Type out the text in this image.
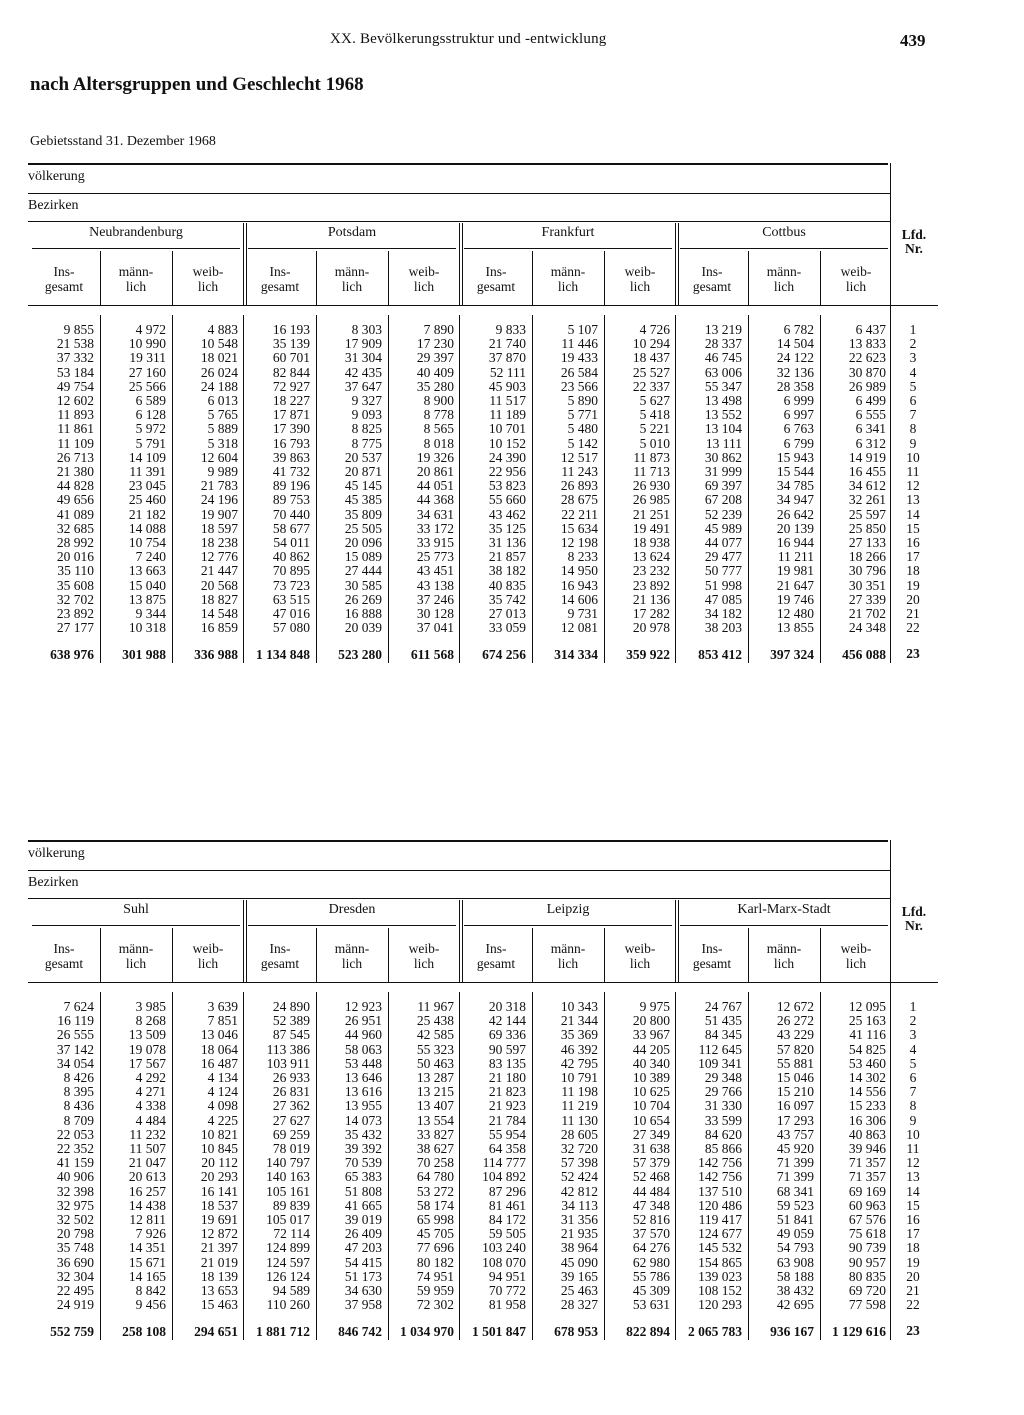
XX. Bevölkerungsstruktur und -entwicklung	439
nach Altersgruppen und Geschlecht 1968
Gebietsstand 31. Dezember 1968
völkerung
Bezirken
Lfd.
Nr.
Neubrandenburg
Ins-
gesamt
9 855
21 538
37 332
53 184
49 754
12 602
11 893
11 861
11 109
26 713
21 380
44 828
49 656
41 089
32 685
28 992
20 016
35 110
35 608
32 702
23 892
27 177
638 976
männ-
lich
4 972
10 990
19 311
27 160
25 566
6 589
6 128
5 972
5 791
14 109
11 391
23 045
25 460
21 182
14 088
10 754
7 240
13 663
15 040
13 875
9 344
10 318
301 988
weib-
lich
4 883
10 548
18 021
26 024
24 188
6 013
5 765
5 889
5 318
12 604
9 989
21 783
24 196
19 907
18 597
18 238
12 776
21 447
20 568
18 827
14 548
16 859
336 988
Potsdam
Ins-
gesamt
16 193
35 139
60 701
82 844
72 927
18 227
17 871
17 390
16 793
39 863
41 732
89 196
89 753
70 440
58 677
54 011
40 862
70 895
73 723
63 515
47 016
57 080
1 134 848
männ-
lich
8 303
17 909
31 304
42 435
37 647
9 327
9 093
8 825
8 775
20 537
20 871
45 145
45 385
35 809
25 505
20 096
15 089
27 444
30 585
26 269
16 888
20 039
523 280
weib-
lich
7 890
17 230
29 397
40 409
35 280
8 900
8 778
8 565
8 018
19 326
20 861
44 051
44 368
34 631
33 172
33 915
25 773
43 451
43 138
37 246
30 128
37 041
611 568
Frankfurt
Ins-
gesamt
9 833
21 740
37 870
52 111
45 903
11 517
11 189
10 701
10 152
24 390
22 956
53 823
55 660
43 462
35 125
31 136
21 857
38 182
40 835
35 742
27 013
33 059
674 256
männ-
lich
5 107
11 446
19 433
26 584
23 566
5 890
5 771
5 480
5 142
12 517
11 243
26 893
28 675
22 211
15 634
12 198
8 233
14 950
16 943
14 606
9 731
12 081
314 334
weib-
lich
4 726
10 294
18 437
25 527
22 337
5 627
5 418
5 221
5 010
11 873
11 713
26 930
26 985
21 251
19 491
18 938
13 624
23 232
23 892
21 136
17 282
20 978
359 922
Cottbus
Ins-
gesamt
13 219
28 337
46 745
63 006
55 347
13 498
13 552
13 104
13 111
30 862
31 999
69 397
67 208
52 239
45 989
44 077
29 477
50 777
51 998
47 085
34 182
38 203
853 412
männ-
lich
6 782
14 504
24 122
32 136
28 358
6 999
6 997
6 763
6 799
15 943
15 544
34 785
34 947
26 642
20 139
16 944
11 211
19 981
21 647
19 746
12 480
13 855
397 324
weib-
lich
6 437
13 833
22 623
30 870
26 989
6 499
6 555
6 341
6 312
14 919
16 455
34 612
32 261
25 597
25 850
27 133
18 266
30 796
30 351
27 339
21 702
24 348
456 088
1
2
3
4
5
6
7
8
9
10
11
12
13
14
15
16
17
18
19
20
21
22
23
völkerung
Bezirken
Lfd.
Nr.
Suhl
Ins-
gesamt
7 624
16 119
26 555
37 142
34 054
8 426
8 395
8 436
8 709
22 053
22 352
41 159
40 906
32 398
32 975
32 502
20 798
35 748
36 690
32 304
22 495
24 919
552 759
männ-
lich
3 985
8 268
13 509
19 078
17 567
4 292
4 271
4 338
4 484
11 232
11 507
21 047
20 613
16 257
14 438
12 811
7 926
14 351
15 671
14 165
8 842
9 456
258 108
weib-
lich
3 639
7 851
13 046
18 064
16 487
4 134
4 124
4 098
4 225
10 821
10 845
20 112
20 293
16 141
18 537
19 691
12 872
21 397
21 019
18 139
13 653
15 463
294 651
Dresden
Ins-
gesamt
24 890
52 389
87 545
113 386
103 911
26 933
26 831
27 362
27 627
69 259
78 019
140 797
140 163
105 161
89 839
105 017
72 114
124 899
124 597
126 124
94 589
110 260
1 881 712
männ-
lich
12 923
26 951
44 960
58 063
53 448
13 646
13 616
13 955
14 073
35 432
39 392
70 539
65 383
51 808
41 665
39 019
26 409
47 203
54 415
51 173
34 630
37 958
846 742
weib-
lich
11 967
25 438
42 585
55 323
50 463
13 287
13 215
13 407
13 554
33 827
38 627
70 258
64 780
53 272
58 174
65 998
45 705
77 696
80 182
74 951
59 959
72 302
1 034 970
Leipzig
Ins-
gesamt
20 318
42 144
69 336
90 597
83 135
21 180
21 823
21 923
21 784
55 954
64 358
114 777
104 892
87 296
81 461
84 172
59 505
103 240
108 070
94 951
70 772
81 958
1 501 847
männ-
lich
10 343
21 344
35 369
46 392
42 795
10 791
11 198
11 219
11 130
28 605
32 720
57 398
52 424
42 812
34 113
31 356
21 935
38 964
45 090
39 165
25 463
28 327
678 953
weib-
lich
9 975
20 800
33 967
44 205
40 340
10 389
10 625
10 704
10 654
27 349
31 638
57 379
52 468
44 484
47 348
52 816
37 570
64 276
62 980
55 786
45 309
53 631
822 894
Karl-Marx-Stadt
Ins-
gesamt
24 767
51 435
84 345
112 645
109 341
29 348
29 766
31 330
33 599
84 620
85 866
142 756
142 756
137 510
120 486
119 417
124 677
145 532
154 865
139 023
108 152
120 293
2 065 783
männ-
lich
12 672
26 272
43 229
57 820
55 881
15 046
15 210
16 097
17 293
43 757
45 920
71 399
71 399
68 341
59 523
51 841
49 059
54 793
63 908
58 188
38 432
42 695
936 167
weib-
lich
12 095
25 163
41 116
54 825
53 460
14 302
14 556
15 233
16 306
40 863
39 946
71 357
71 357
69 169
60 963
67 576
75 618
90 739
90 957
80 835
69 720
77 598
1 129 616
1
2
3
4
5
6
7
8
9
10
11
12
13
14
15
16
17
18
19
20
21
22
23
